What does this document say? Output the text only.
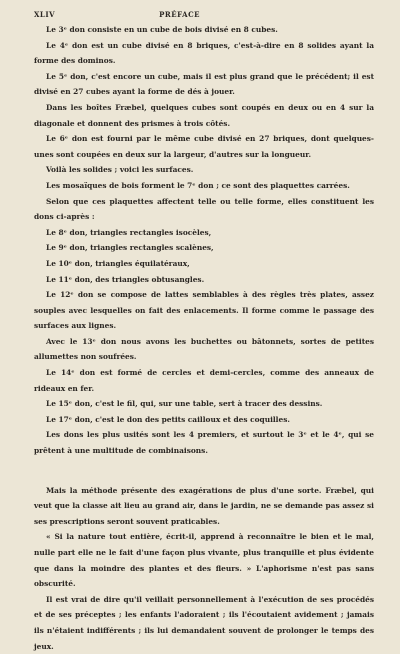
XLIV	PRÉFACE

Le 3ᵉ don consiste en un cube de bois divisé en 8 cubes.

Le 4ᵉ don est un cube divisé en 8 briques, c'est-à-dire en 8 solides ayant la forme des dominos.

Le 5ᵉ don, c'est encore un cube, mais il est plus grand que le précédent; il est divisé en 27 cubes ayant la forme de dés à jouer.

Dans les boîtes Fræbel, quelques cubes sont coupés en deux ou en 4 sur la diagonale et donnent des prismes à trois côtés.

Le 6ᵉ don est fourni par le même cube divisé en 27 briques, dont quelques-unes sont coupées en deux sur la largeur, d'autres sur la longueur.

Voilà les solides ; voici les surfaces.

Les mosaïques de bois forment le 7ᵉ don ; ce sont des plaquettes carrées.

Selon que ces plaquettes affectent telle ou telle forme, elles constituent les dons ci-après :

Le 8ᵉ don, triangles rectangles isocèles,

Le 9ᵉ don, triangles rectangles scalènes,

Le 10ᵉ don, triangles équilatéraux,

Le 11ᵉ don, des triangles obtusangles.

Le 12ᵉ don se compose de lattes semblables à des règles très plates, assez souples avec lesquelles on fait des enlacements. Il forme comme le passage des surfaces aux lignes.

Avec le 13ᵉ don nous avons les buchettes ou bâtonnets, sortes de petites allumettes non soufrées.

Le 14ᵉ don est formé de cercles et demi-cercles, comme des anneaux de rideaux en fer.

Le 15ᵉ don, c'est le fil, qui, sur une table, sert à tracer des dessins.

Le 17ᵉ don, c'est le don des petits cailloux et des coquilles.

Les dons les plus usités sont les 4 premiers, et surtout le 3ᵉ et le 4ᵉ, qui se prêtent à une multitude de combinaisons.

Mais la méthode présente des exagérations de plus d'une sorte. Fræbel, qui veut que la classe ait lieu au grand air, dans le jardin, ne se demande pas assez si ses prescriptions seront souvent praticables.

« Si la nature tout entière, écrit-il, apprend à reconnaître le bien et le mal, nulle part elle ne le fait d'une façon plus vivante, plus tranquille et plus évidente que dans la moindre des plantes et des fleurs. » L'aphorisme n'est pas sans obscurité.

Il est vrai de dire qu'il veillait personnellement à l'exécution de ses procédés et de ses préceptes ; les enfants l'adoraient ; ils l'écoutaient avidement ; jamais ils n'étaient indifférents ; ils lui demandaient souvent de prolonger le temps des jeux.
